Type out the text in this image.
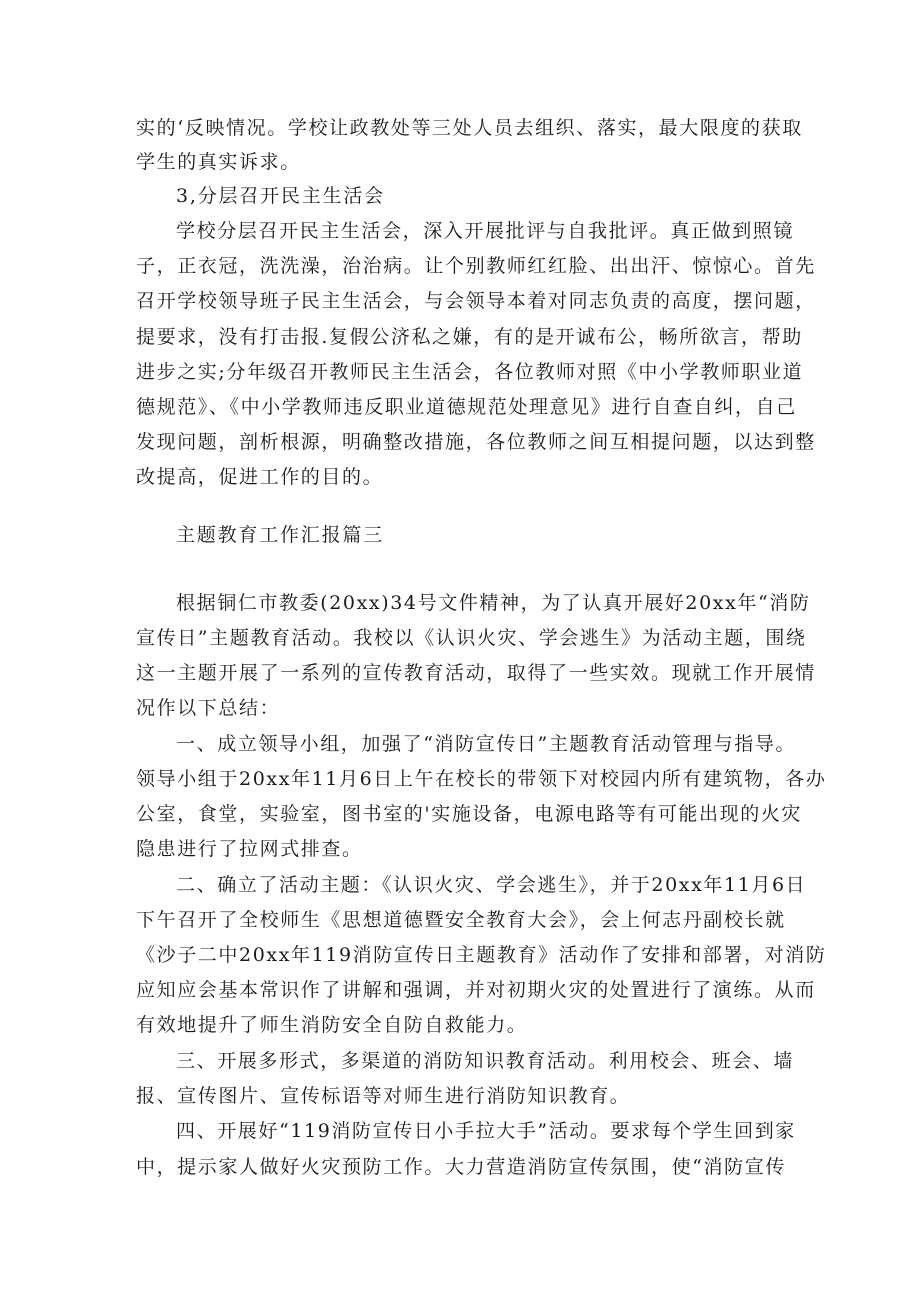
实的‘反映情况。学校让政教处等三处人员去组织、落实，最大限度的获取
学生的真实诉求。
3,分层召开民主生活会
学校分层召开民主生活会，深入开展批评与自我批评。真正做到照镜
子，正衣冠，洗洗澡，治治病。让个别教师红红脸、出出汗、惊惊心。首先
召开学校领导班子民主生活会，与会领导本着对同志负责的高度，摆问题，
提要求，没有打击报.复假公济私之嫌，有的是开诚布公，畅所欲言，帮助
进步之实;分年级召开教师民主生活会，各位教师对照《中小学教师职业道
德规范》、《中小学教师违反职业道德规范处理意见》进行自查自纠，自己
发现问题，剖析根源，明确整改措施，各位教师之间互相提问题，以达到整
改提高，促进工作的目的。
主题教育工作汇报篇三
根据铜仁市教委(20xx)34号文件精神，为了认真开展好20xx年“消防
宣传日”主题教育活动。我校以《认识火灾、学会逃生》为活动主题，围绕
这一主题开展了一系列的宣传教育活动，取得了一些实效。现就工作开展情
况作以下总结：
一、成立领导小组，加强了“消防宣传日”主题教育活动管理与指导。
领导小组于20xx年11月6日上午在校长的带领下对校园内所有建筑物，各办
公室，食堂，实验室，图书室的'实施设备，电源电路等有可能出现的火灾
隐患进行了拉网式排查。
二、确立了活动主题：《认识火灾、学会逃生》，并于20xx年11月6日
下午召开了全校师生《思想道德暨安全教育大会》，会上何志丹副校长就
《沙子二中20xx年119消防宣传日主题教育》活动作了安排和部署，对消防
应知应会基本常识作了讲解和强调，并对初期火灾的处置进行了演练。从而
有效地提升了师生消防安全自防自救能力。
三、开展多形式，多渠道的消防知识教育活动。利用校会、班会、墙
报、宣传图片、宣传标语等对师生进行消防知识教育。
四、开展好“119消防宣传日小手拉大手”活动。要求每个学生回到家
中，提示家人做好火灾预防工作。大力营造消防宣传氛围，使“消防宣传
